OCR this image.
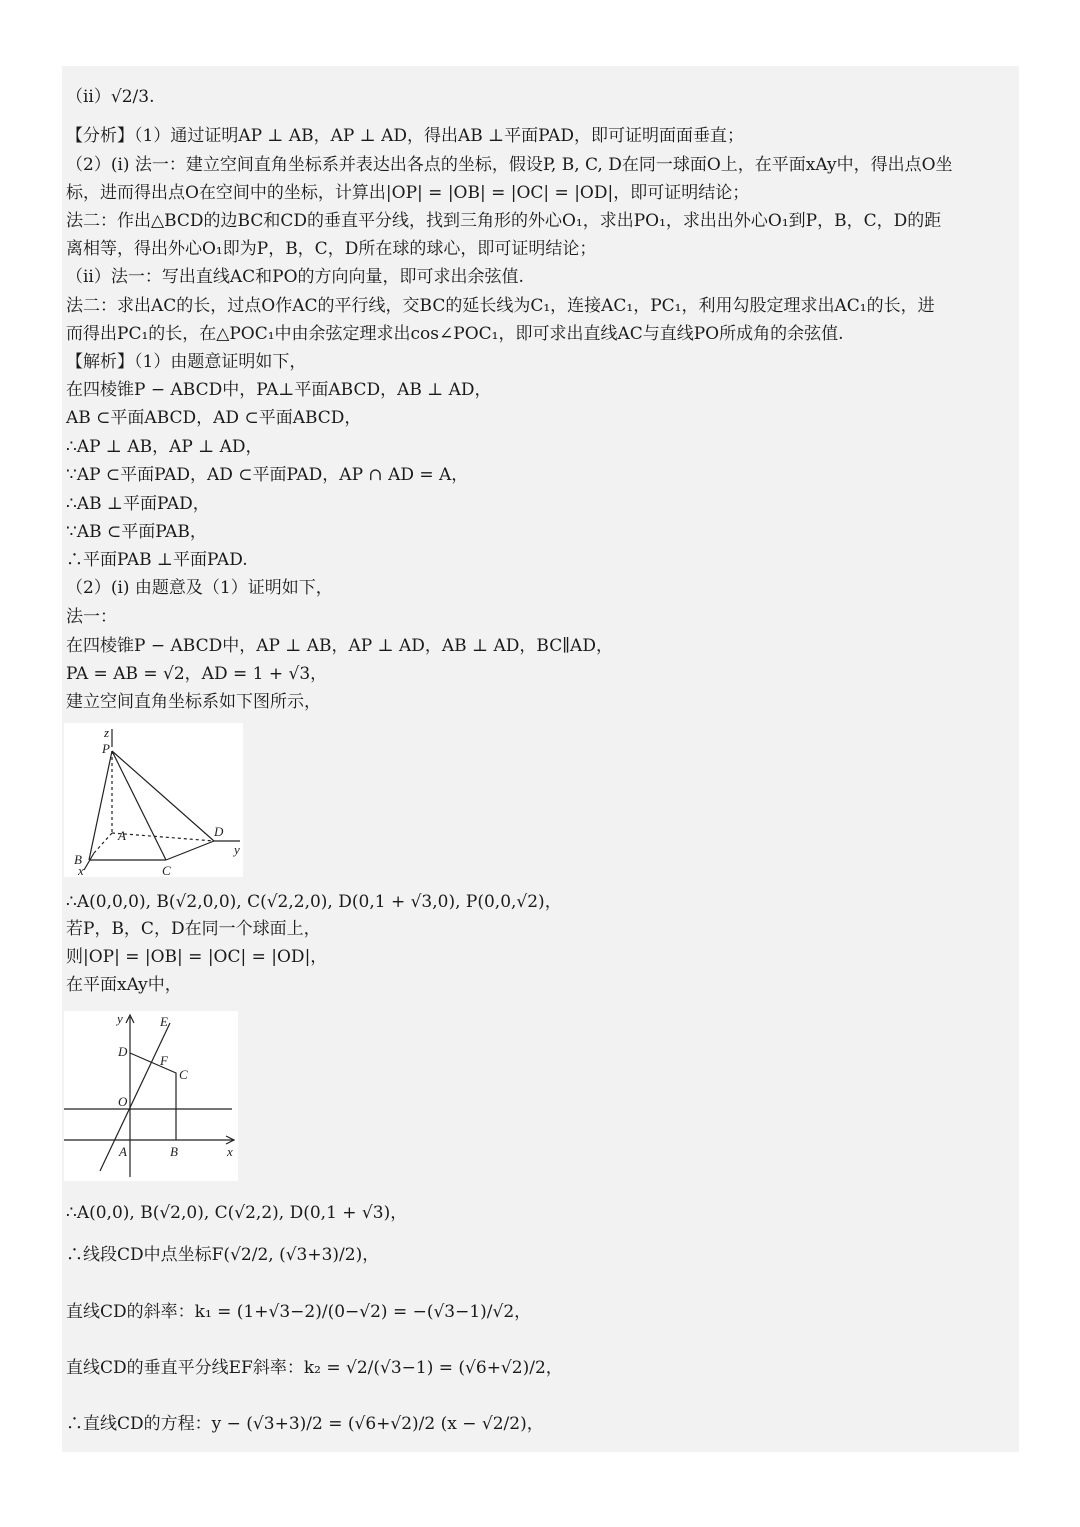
（ii）√2/3.
【分析】（1）通过证明AP ⊥ AB，AP ⊥ AD，得出AB ⊥平面PAD，即可证明面面垂直；
（2）(i) 法一：建立空间直角坐标系并表达出各点的坐标，假设P, B, C, D在同一球面O上，在平面xAy中，得出点O坐
标，进而得出点O在空间中的坐标，计算出|OP| = |OB| = |OC| = |OD|，即可证明结论；
法二：作出△BCD的边BC和CD的垂直平分线，找到三角形的外心O₁，求出PO₁，求出出外心O₁到P，B，C，D的距
离相等，得出外心O₁即为P，B，C，D所在球的球心，即可证明结论；
（ii）法一：写出直线AC和PO的方向向量，即可求出余弦值.
法二：求出AC的长，过点O作AC的平行线，交BC的延长线为C₁，连接AC₁，PC₁，利用勾股定理求出AC₁的长，进
而得出PC₁的长，在△POC₁中由余弦定理求出cos∠POC₁，即可求出直线AC与直线PO所成角的余弦值.
【解析】（1）由题意证明如下，
在四棱锥P − ABCD中，PA⊥平面ABCD，AB ⊥ AD，
AB ⊂平面ABCD，AD ⊂平面ABCD，
∴AP ⊥ AB，AP ⊥ AD，
∵AP ⊂平面PAD，AD ⊂平面PAD，AP ∩ AD = A，
∴AB ⊥平面PAD，
∵AB ⊂平面PAB，
∴平面PAB ⊥平面PAD.
（2）(i) 由题意及（1）证明如下，
法一：
在四棱锥P − ABCD中，AP ⊥ AB，AP ⊥ AD，AB ⊥ AD，BC∥AD，
PA = AB = √2，AD = 1 + √3，
建立空间直角坐标系如下图所示，
z
P
A	D
y
B
x	C
∴A(0,0,0), B(√2,0,0), C(√2,2,0), D(0,1 + √3,0), P(0,0,√2)，
若P，B，C，D在同一个球面上，
则|OP| = |OB| = |OC| = |OD|，
在平面xAy中，
y	E
D
F
C
O
A	B	x
∴A(0,0), B(√2,0), C(√2,2), D(0,1 + √3)，
∴线段CD中点坐标F(√2/2, (√3+3)/2)，
直线CD的斜率：k₁ = (1+√3−2)/(0−√2) = −(√3−1)/√2，
直线CD的垂直平分线EF斜率：k₂ = √2/(√3−1) = (√6+√2)/2，
∴直线CD的方程：y − (√3+3)/2 = (√6+√2)/2 (x − √2/2)，
